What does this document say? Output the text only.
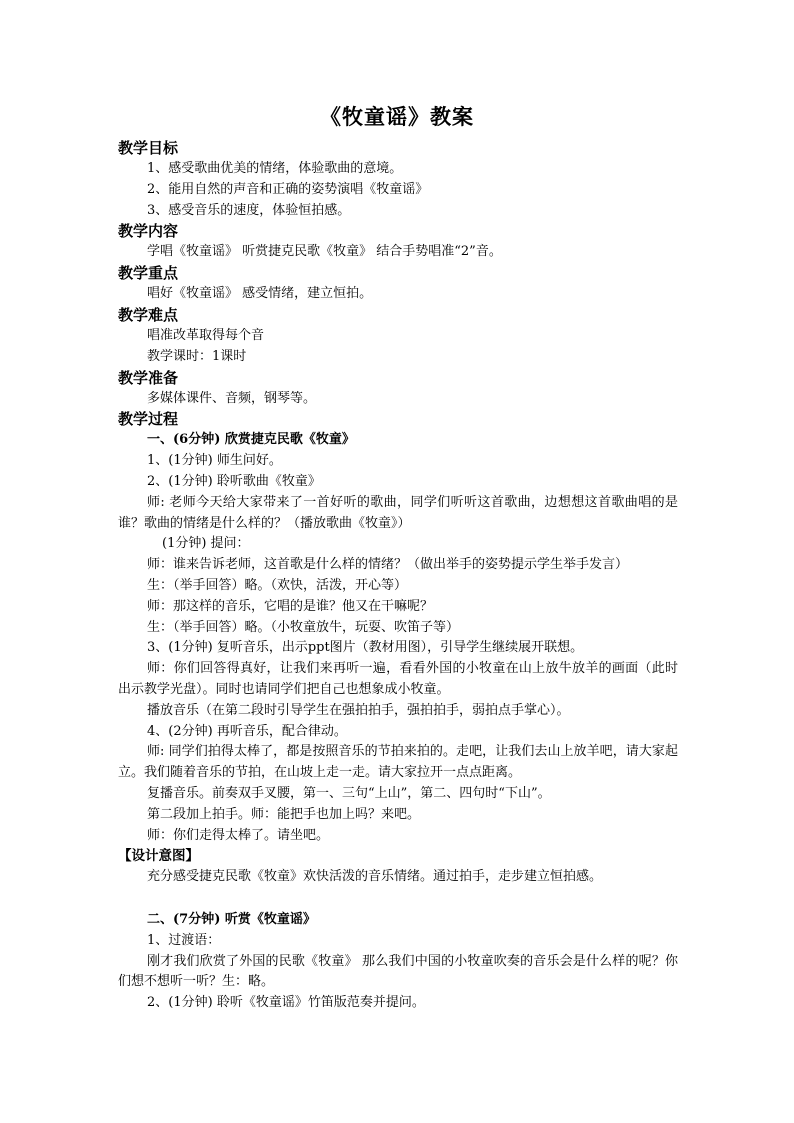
《牧童谣》教案
教学目标
1、感受歌曲优美的情绪，体验歌曲的意境。
2、能用自然的声音和正确的姿势演唱《牧童谣》
3、感受音乐的速度，体验恒拍感。
教学内容
学唱《牧童谣》 听赏捷克民歌《牧童》 结合手势唱准“2”音。
教学重点
唱好《牧童谣》 感受情绪，建立恒拍。
教学难点
唱准改革取得每个音
教学课时：1课时
教学准备
多媒体课件、音频，钢琴等。
教学过程
一、(6分钟) 欣赏捷克民歌《牧童》
1、(1分钟) 师生问好。
2、(1分钟) 聆听歌曲《牧童》
师: 老师今天给大家带来了一首好听的歌曲，同学们听听这首歌曲，边想想这首歌曲唱的是谁？歌曲的情绪是什么样的？（播放歌曲《牧童》）
(1分钟) 提问：
师：谁来告诉老师，这首歌是什么样的情绪？（做出举手的姿势提示学生举手发言）
生：（举手回答）略。（欢快，活泼，开心等）
师：那这样的音乐，它唱的是谁？他又在干嘛呢？
生：（举手回答）略。（小牧童放牛，玩耍、吹笛子等）
3、(1分钟) 复听音乐，出示ppt图片（教材用图），引导学生继续展开联想。
师：你们回答得真好，让我们来再听一遍，看看外国的小牧童在山上放牛放羊的画面（此时出示教学光盘）。同时也请同学们把自己也想象成小牧童。
播放音乐（在第二段时引导学生在强拍拍手，强拍拍手，弱拍点手掌心）。
4、(2分钟) 再听音乐，配合律动。
师: 同学们拍得太棒了，都是按照音乐的节拍来拍的。走吧，让我们去山上放羊吧，请大家起立。我们随着音乐的节拍，在山坡上走一走。请大家拉开一点点距离。
复播音乐。前奏双手叉腰，第一、三句“上山”，第二、四句时“下山”。
第二段加上拍手。师：能把手也加上吗？来吧。
师：你们走得太棒了。请坐吧。
【设计意图】
充分感受捷克民歌《牧童》欢快活泼的音乐情绪。通过拍手，走步建立恒拍感。
二、(7分钟) 听赏《牧童谣》
1、过渡语：
刚才我们欣赏了外国的民歌《牧童》 那么我们中国的小牧童吹奏的音乐会是什么样的呢？你们想不想听一听？生：略。
2、(1分钟) 聆听《牧童谣》竹笛版范奏并提问。
